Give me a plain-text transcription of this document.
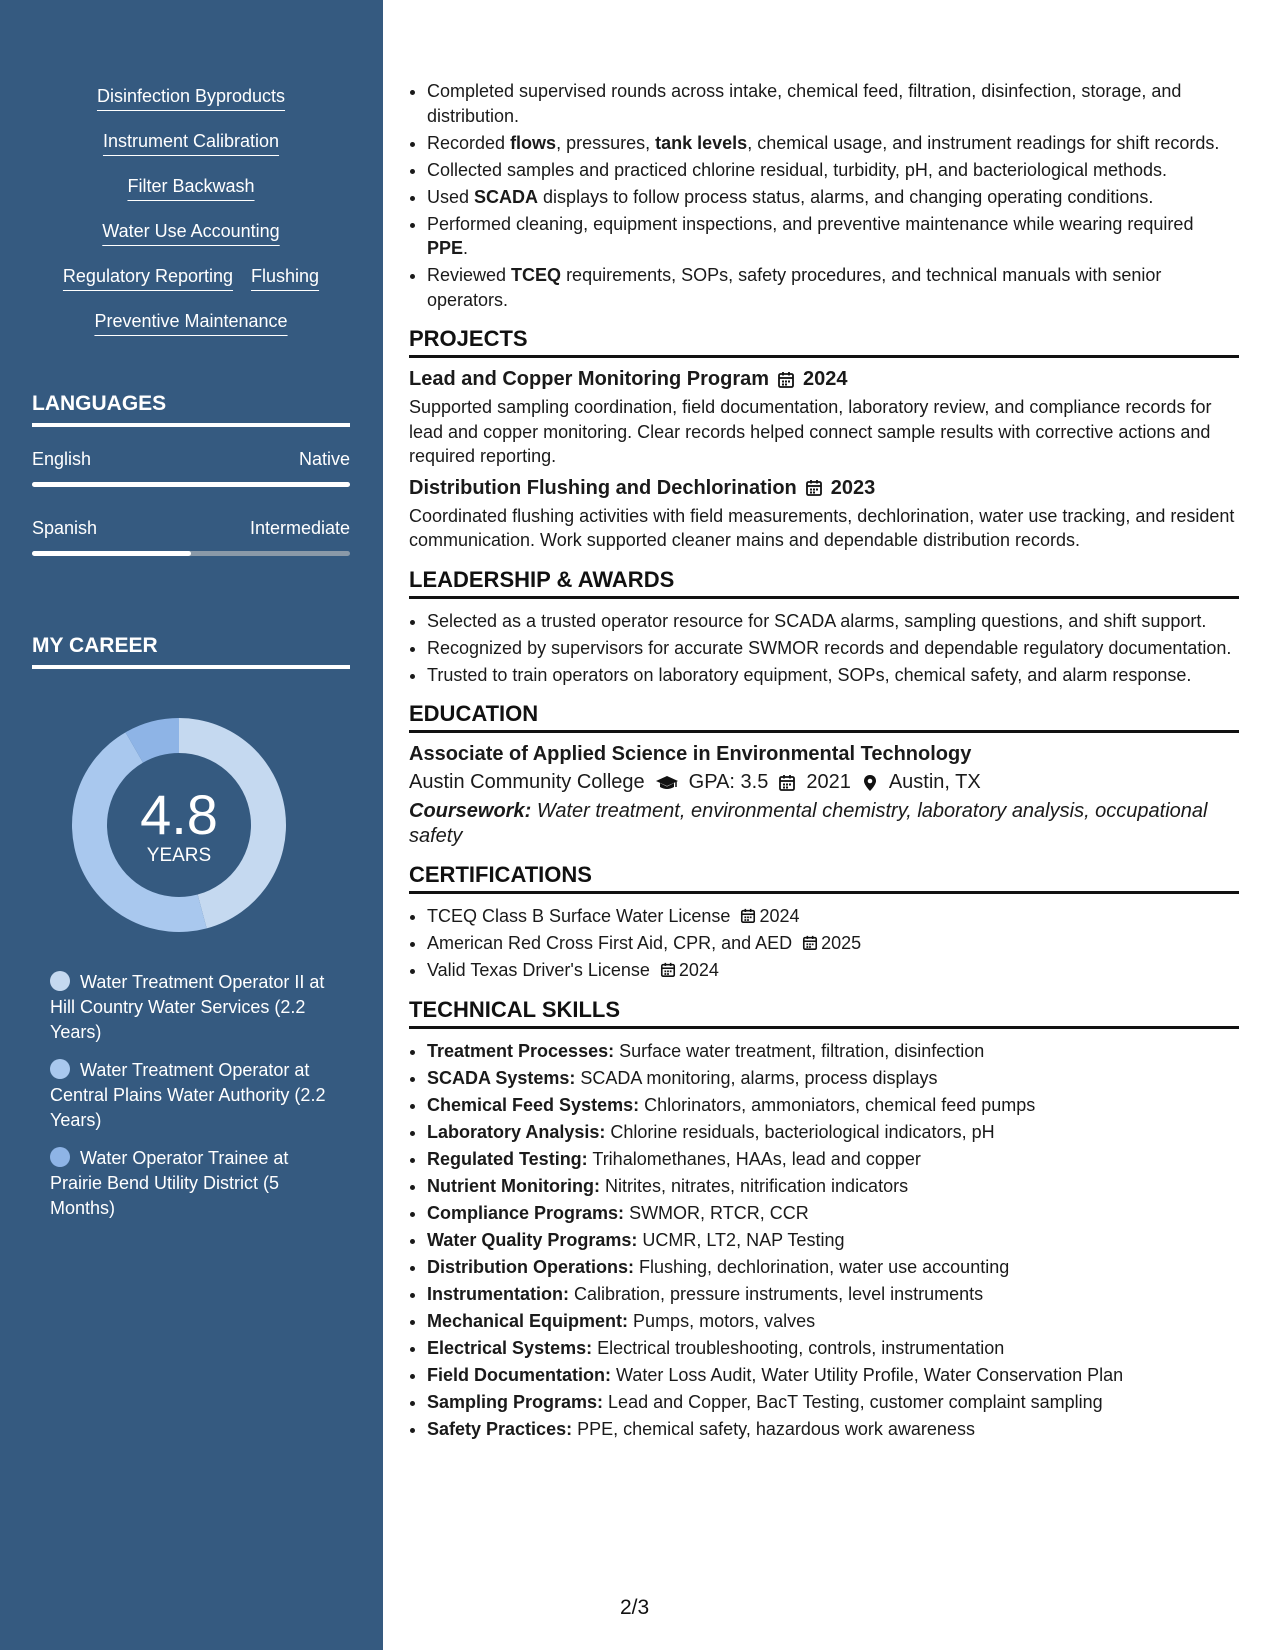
Disinfection Byproducts
Instrument Calibration
Filter Backwash
Water Use Accounting
Regulatory Reporting Flushing
Preventive Maintenance
LANGUAGES
English	Native
Spanish	Intermediate
MY CAREER
4.8
YEARS
Water Treatment Operator II at Hill Country Water Services (2.2 Years)
Water Treatment Operator at Central Plains Water Authority (2.2 Years)
Water Operator Trainee at Prairie Bend Utility District (5 Months)
• Completed supervised rounds across intake, chemical feed, filtration, disinfection, storage, and distribution.
• Recorded flows, pressures, tank levels, chemical usage, and instrument readings for shift records.
• Collected samples and practiced chlorine residual, turbidity, pH, and bacteriological methods.
• Used SCADA displays to follow process status, alarms, and changing operating conditions.
• Performed cleaning, equipment inspections, and preventive maintenance while wearing required PPE.
• Reviewed TCEQ requirements, SOPs, safety procedures, and technical manuals with senior operators.
PROJECTS
Lead and Copper Monitoring Program 2024
Supported sampling coordination, field documentation, laboratory review, and compliance records for lead and copper monitoring. Clear records helped connect sample results with corrective actions and required reporting.
Distribution Flushing and Dechlorination 2023
Coordinated flushing activities with field measurements, dechlorination, water use tracking, and resident communication. Work supported cleaner mains and dependable distribution records.
LEADERSHIP & AWARDS
• Selected as a trusted operator resource for SCADA alarms, sampling questions, and shift support.
• Recognized by supervisors for accurate SWMOR records and dependable regulatory documentation.
• Trusted to train operators on laboratory equipment, SOPs, chemical safety, and alarm response.
EDUCATION
Associate of Applied Science in Environmental Technology
Austin Community College GPA: 3.5 2021 Austin, TX
Coursework: Water treatment, environmental chemistry, laboratory analysis, occupational safety
CERTIFICATIONS
• TCEQ Class B Surface Water License 2024
• American Red Cross First Aid, CPR, and AED 2025
• Valid Texas Driver's License 2024
TECHNICAL SKILLS
• Treatment Processes: Surface water treatment, filtration, disinfection
• SCADA Systems: SCADA monitoring, alarms, process displays
• Chemical Feed Systems: Chlorinators, ammoniators, chemical feed pumps
• Laboratory Analysis: Chlorine residuals, bacteriological indicators, pH
• Regulated Testing: Trihalomethanes, HAAs, lead and copper
• Nutrient Monitoring: Nitrites, nitrates, nitrification indicators
• Compliance Programs: SWMOR, RTCR, CCR
• Water Quality Programs: UCMR, LT2, NAP Testing
• Distribution Operations: Flushing, dechlorination, water use accounting
• Instrumentation: Calibration, pressure instruments, level instruments
• Mechanical Equipment: Pumps, motors, valves
• Electrical Systems: Electrical troubleshooting, controls, instrumentation
• Field Documentation: Water Loss Audit, Water Utility Profile, Water Conservation Plan
• Sampling Programs: Lead and Copper, BacT Testing, customer complaint sampling
• Safety Practices: PPE, chemical safety, hazardous work awareness
2/3
